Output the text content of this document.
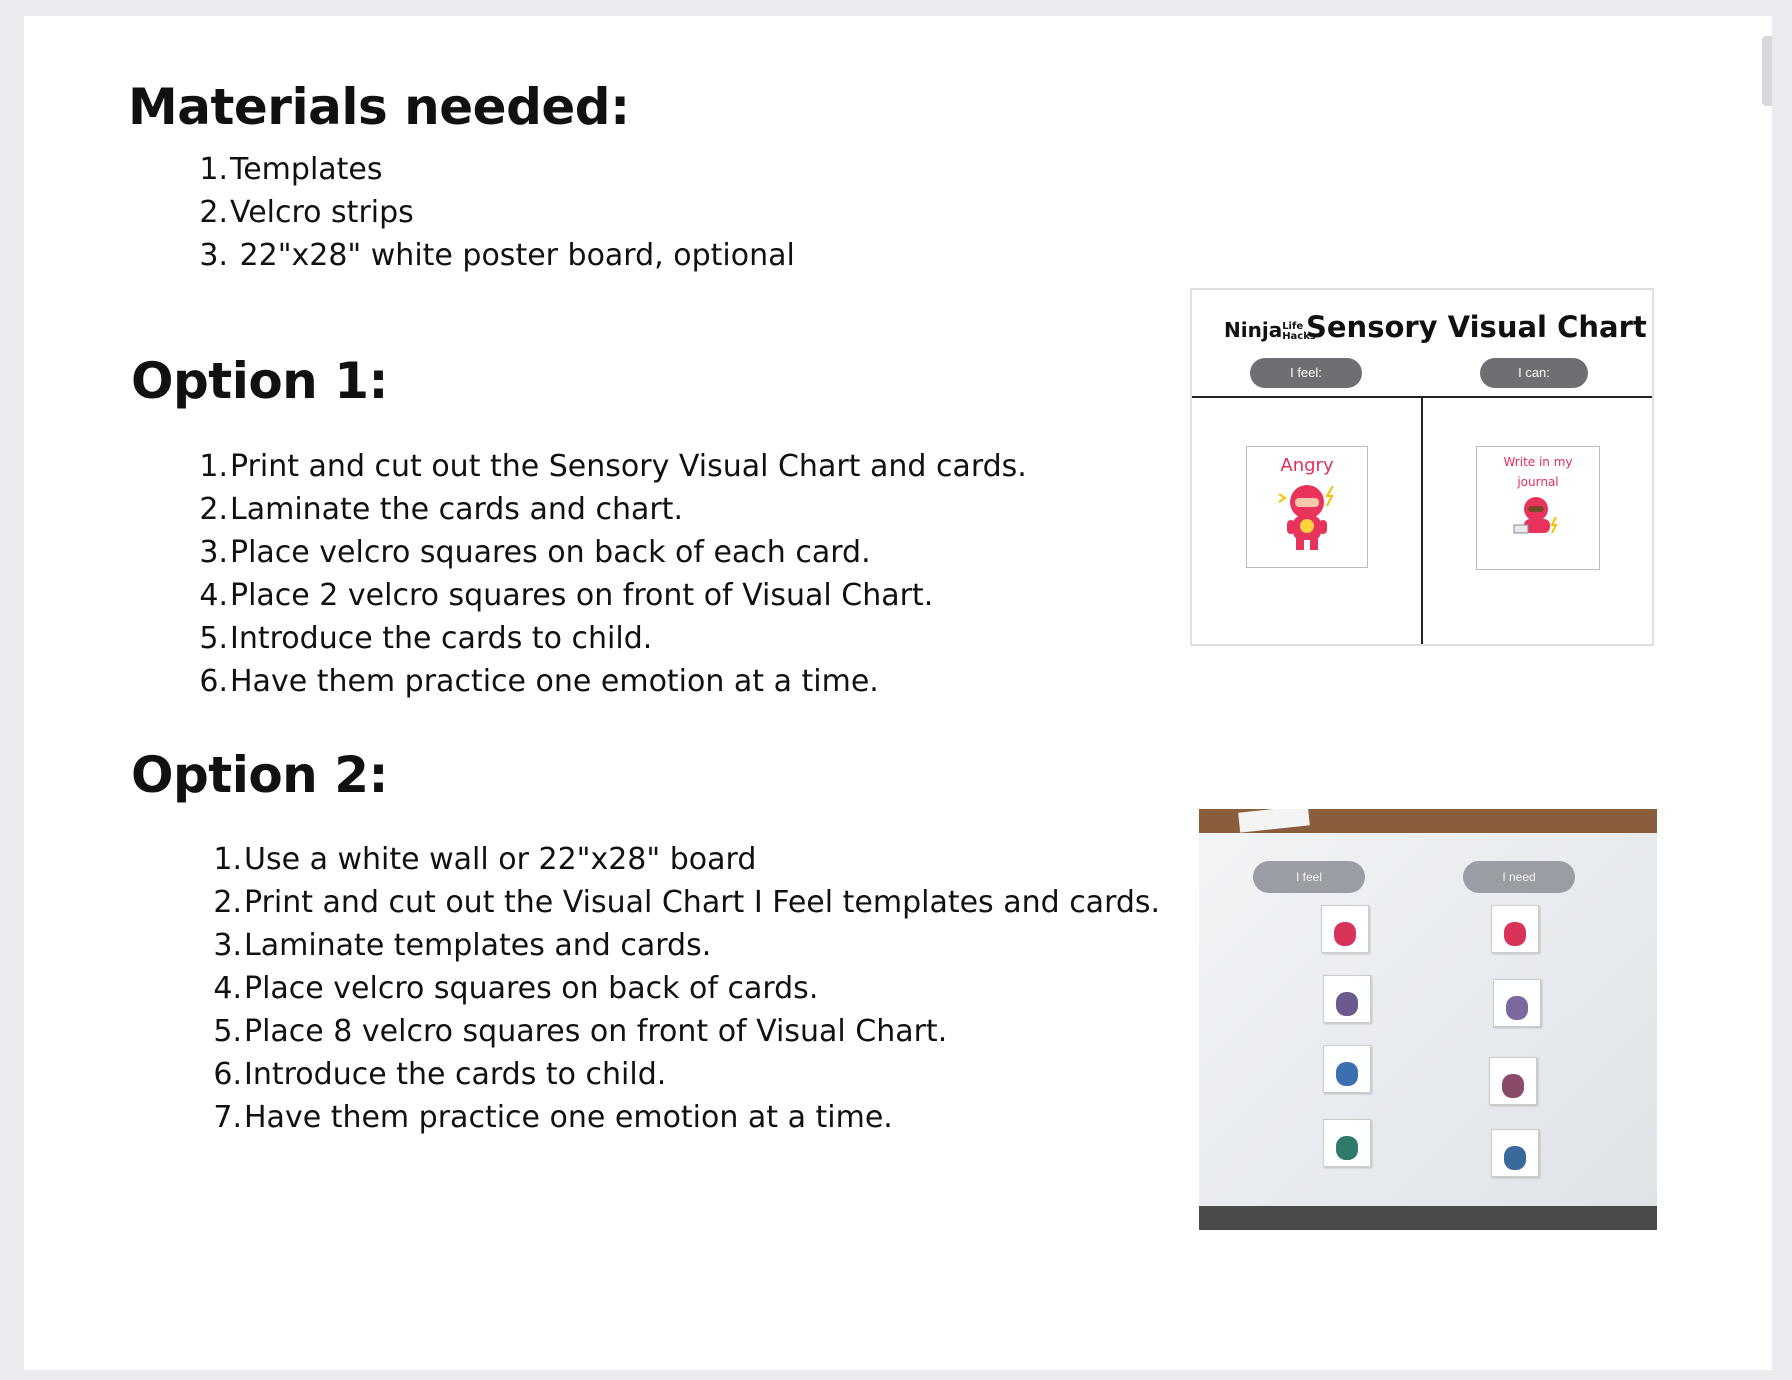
Materials needed:
1. Templates
2. Velcro strips
3. 22"x28" white poster board, optional
Option 1:
1. Print and cut out the Sensory Visual Chart and cards.
2. Laminate the cards and chart.
3. Place velcro squares on back of each card.
4. Place 2 velcro squares on front of Visual Chart.
5. Introduce the cards to child.
6. Have them practice one emotion at a time.
Option 2:
1. Use a white wall or 22"x28" board
2. Print and cut out the Visual Chart I Feel templates and cards.
3. Laminate templates and cards.
4. Place velcro squares on back of cards.
5. Place 8 velcro squares on front of Visual Chart.
6. Introduce the cards to child.
7. Have them practice one emotion at a time.
NinjaLife
Hacks
Sensory Visual Chart
I feel:	I can:
Angry	Write in my
journal
I feel	I need
